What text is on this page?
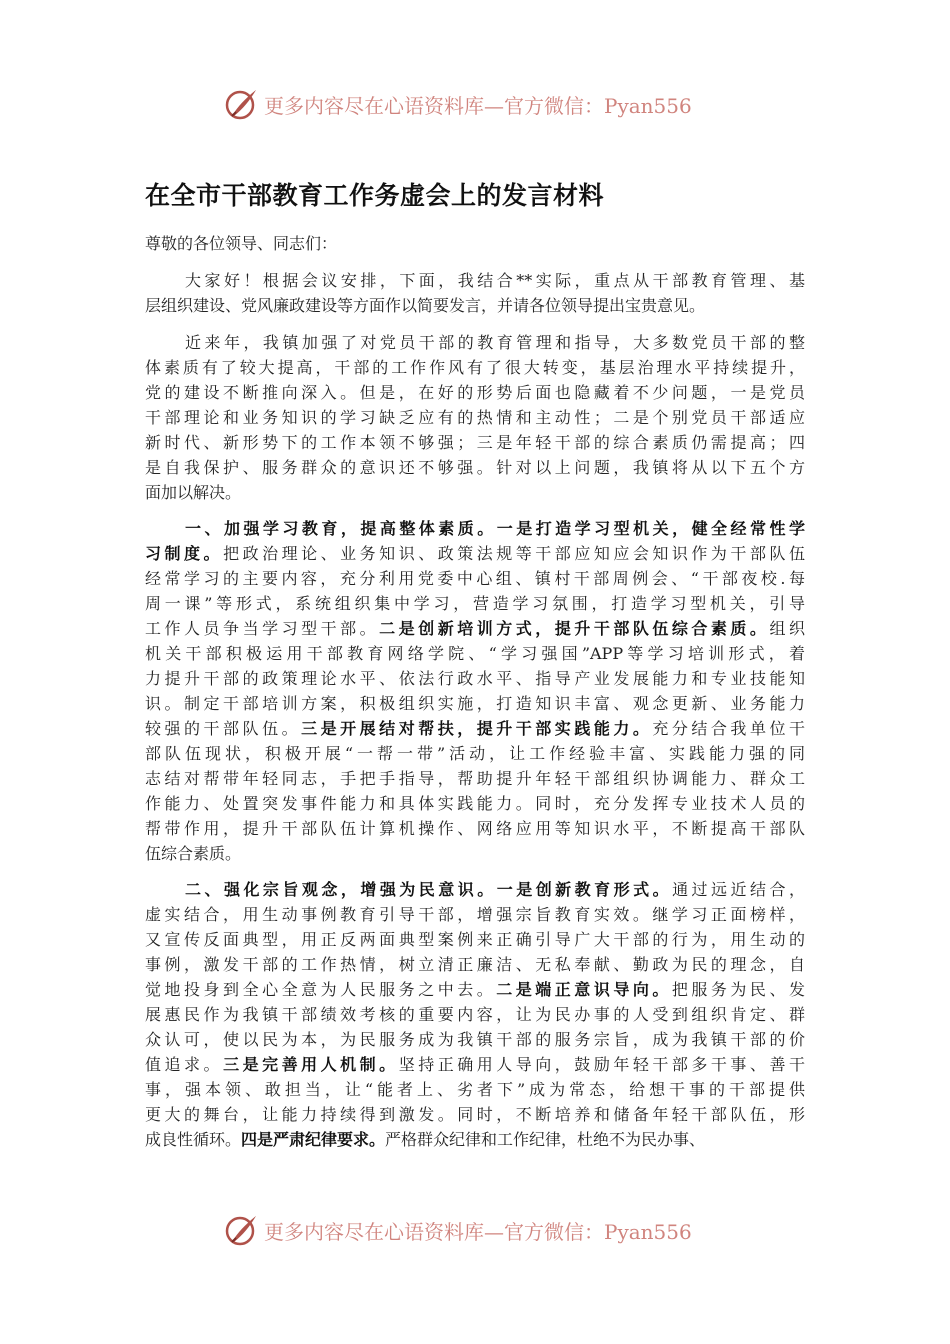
更多内容尽在心语资料库—官方微信：Pyan556
在全市干部教育工作务虚会上的发言材料
尊敬的各位领导、同志们：
大家好！根据会议安排，下面，我结合**实际，重点从干部教育管理、基
层组织建设、党风廉政建设等方面作以简要发言，并请各位领导提出宝贵意见。
近来年，我镇加强了对党员干部的教育管理和指导，大多数党员干部的整
体素质有了较大提高，干部的工作作风有了很大转变，基层治理水平持续提升，
党的建设不断推向深入。但是，在好的形势后面也隐藏着不少问题，一是党员
干部理论和业务知识的学习缺乏应有的热情和主动性；二是个别党员干部适应
新时代、新形势下的工作本领不够强；三是年轻干部的综合素质仍需提高；四
是自我保护、服务群众的意识还不够强。针对以上问题，我镇将从以下五个方
面加以解决。
一、加强学习教育，提高整体素质。一是打造学习型机关，健全经常性学
习制度。把政治理论、业务知识、政策法规等干部应知应会知识作为干部队伍
经常学习的主要内容，充分利用党委中心组、镇村干部周例会、“干部夜校.每
周一课”等形式，系统组织集中学习，营造学习氛围，打造学习型机关，引导
工作人员争当学习型干部。二是创新培训方式，提升干部队伍综合素质。组织
机关干部积极运用干部教育网络学院、“学习强国”APP等学习培训形式，着
力提升干部的政策理论水平、依法行政水平、指导产业发展能力和专业技能知
识。制定干部培训方案，积极组织实施，打造知识丰富、观念更新、业务能力
较强的干部队伍。三是开展结对帮扶，提升干部实践能力。充分结合我单位干
部队伍现状，积极开展“一帮一带”活动，让工作经验丰富、实践能力强的同
志结对帮带年轻同志，手把手指导，帮助提升年轻干部组织协调能力、群众工
作能力、处置突发事件能力和具体实践能力。同时，充分发挥专业技术人员的
帮带作用，提升干部队伍计算机操作、网络应用等知识水平，不断提高干部队
伍综合素质。
二、强化宗旨观念，增强为民意识。一是创新教育形式。通过远近结合，
虚实结合，用生动事例教育引导干部，增强宗旨教育实效。继学习正面榜样，
又宣传反面典型，用正反两面典型案例来正确引导广大干部的行为，用生动的
事例，激发干部的工作热情，树立清正廉洁、无私奉献、勤政为民的理念，自
觉地投身到全心全意为人民服务之中去。二是端正意识导向。把服务为民、发
展惠民作为我镇干部绩效考核的重要内容，让为民办事的人受到组织肯定、群
众认可，使以民为本，为民服务成为我镇干部的服务宗旨，成为我镇干部的价
值追求。三是完善用人机制。坚持正确用人导向，鼓励年轻干部多干事、善干
事，强本领、敢担当，让“能者上、劣者下”成为常态，给想干事的干部提供
更大的舞台，让能力持续得到激发。同时，不断培养和储备年轻干部队伍，形
成良性循环。四是严肃纪律要求。严格群众纪律和工作纪律，杜绝不为民办事、
更多内容尽在心语资料库—官方微信：Pyan556
